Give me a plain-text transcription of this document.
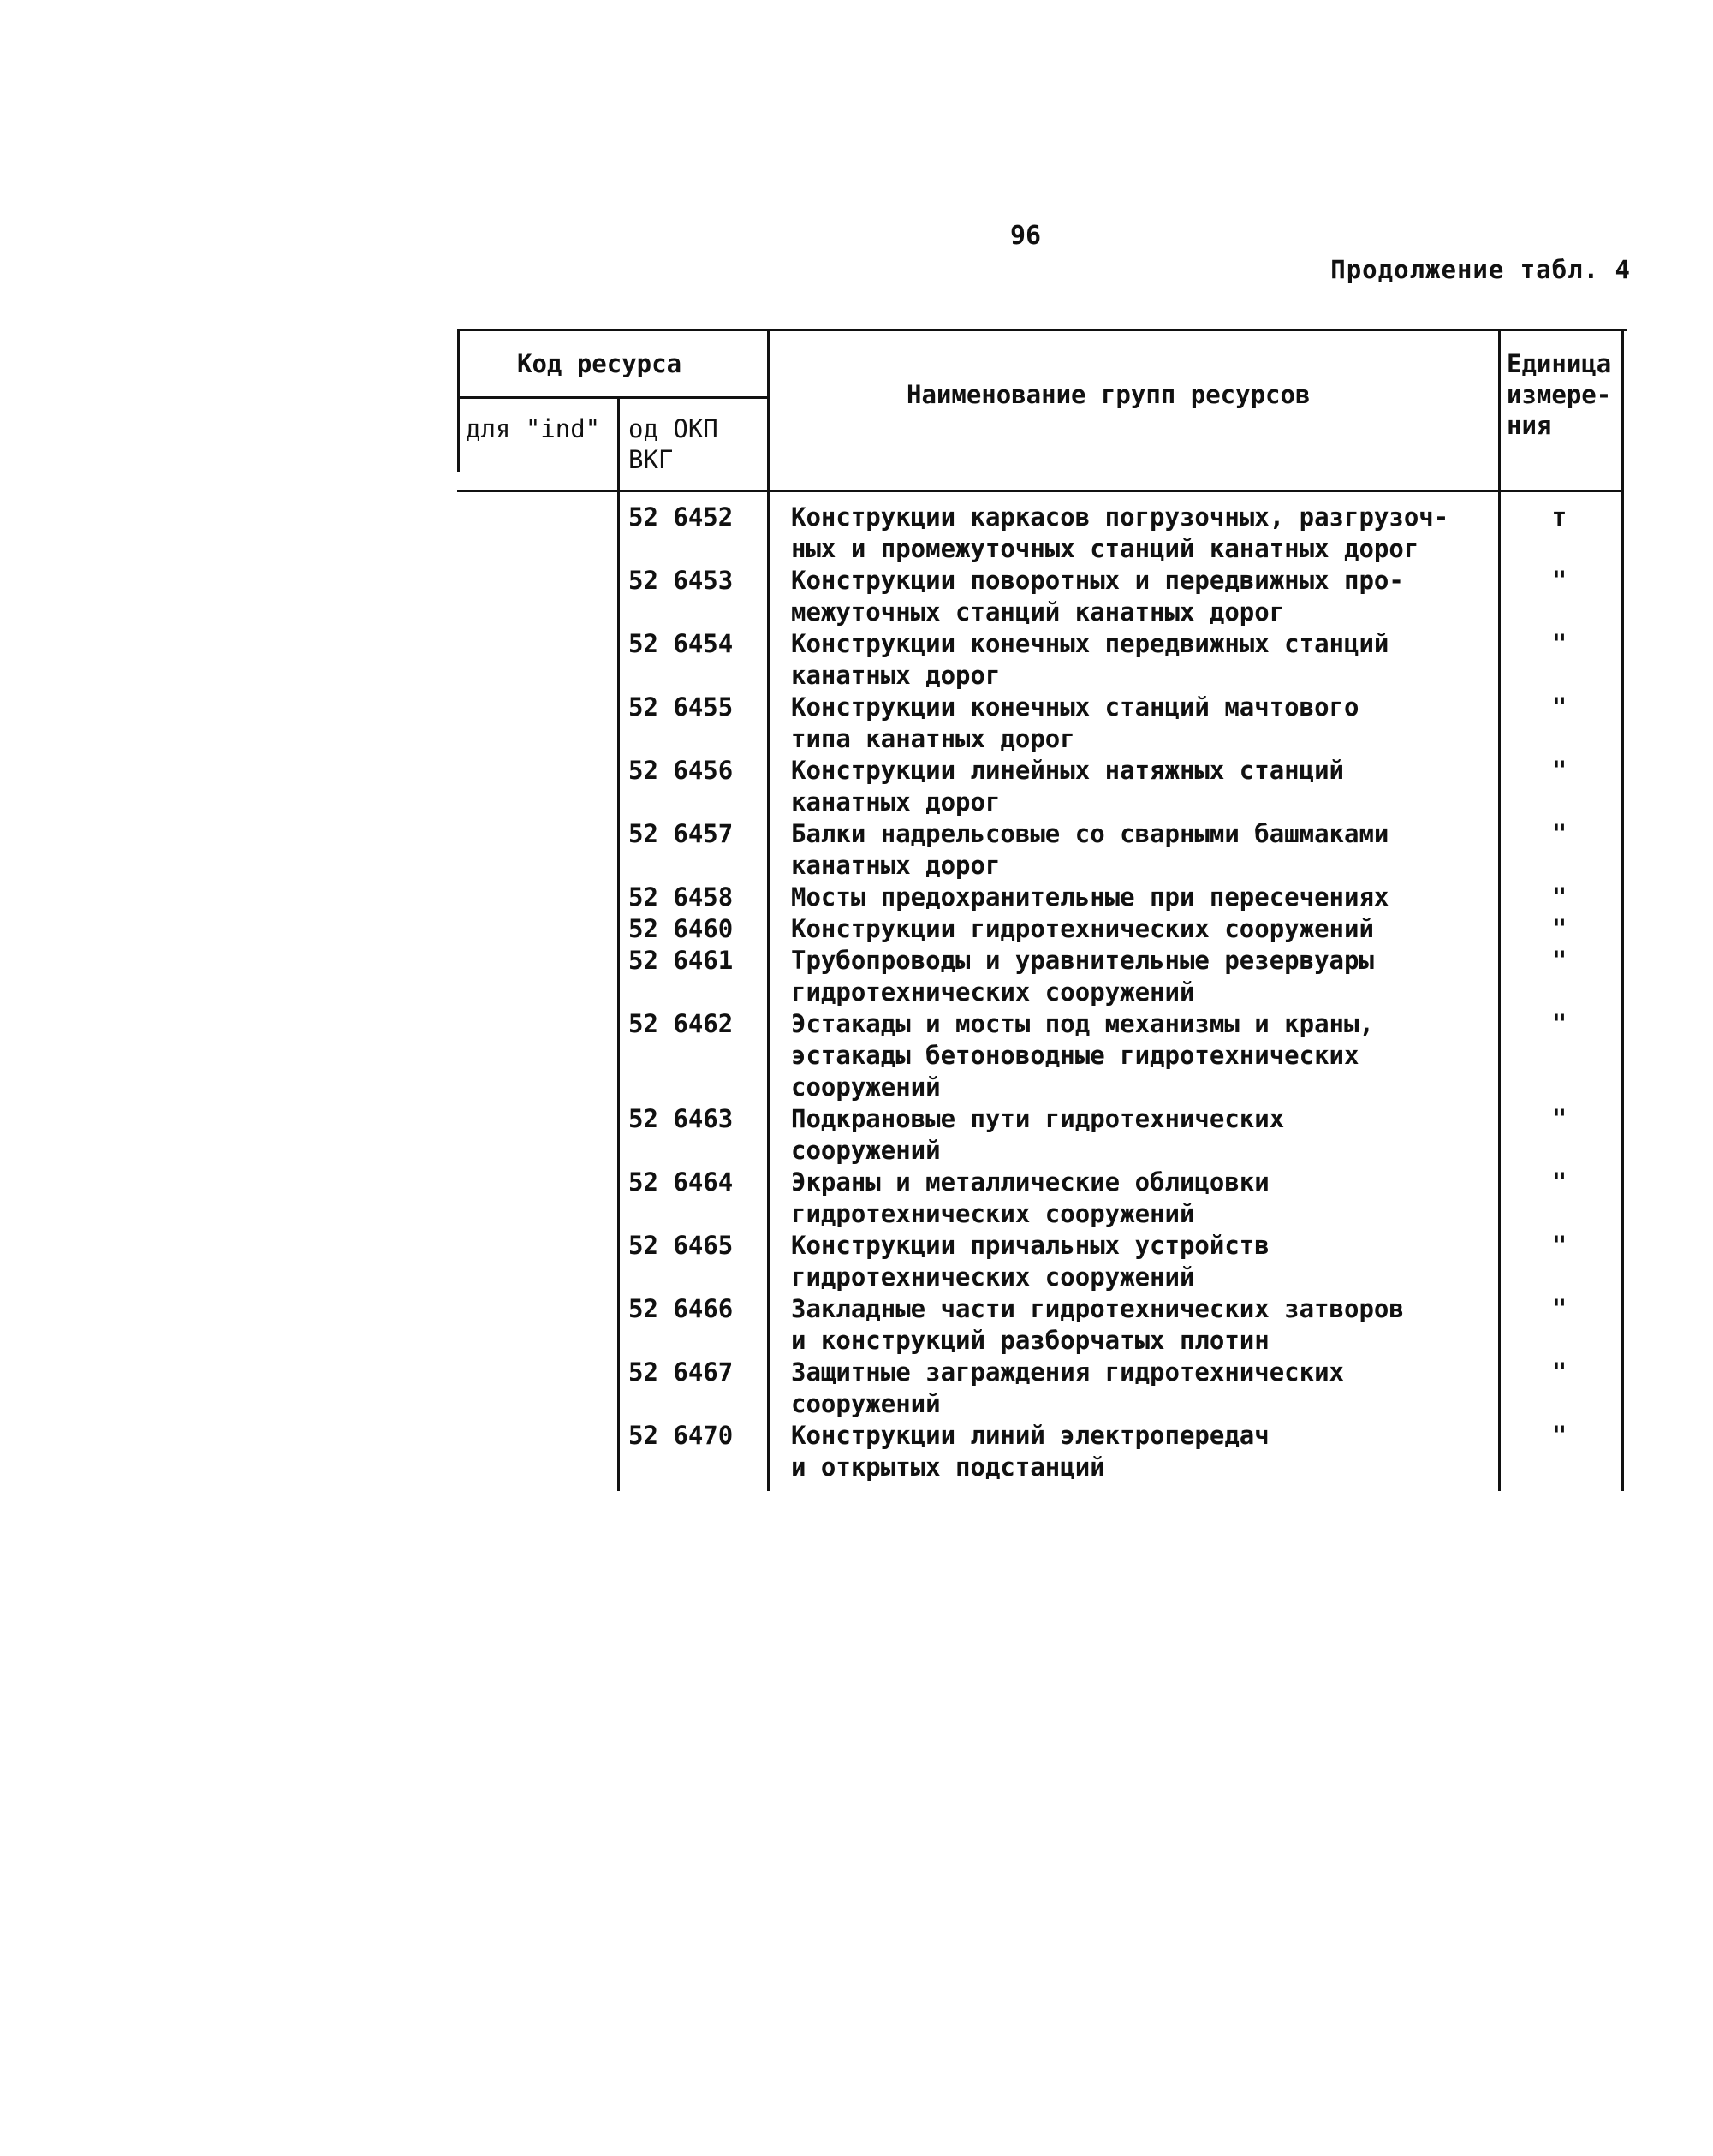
96
Продолжение табл. 4
Код ресурса
для "ind" од ОКП
ВКГ
Наименование групп ресурсов
Единица
измере-
ния
52 6452	Конструкции каркасов погрузочных, разгрузоч-
ных и промежуточных станций канатных дорог
т
52 6453	Конструкции поворотных и передвижных про-
межуточных станций канатных дорог
"
52 6454	Конструкции конечных передвижных станций
канатных дорог
"
52 6455	Конструкции конечных станций мачтового
типа канатных дорог
"
52 6456	Конструкции линейных натяжных станций
канатных дорог
"
52 6457	Балки надрельсовые со сварными башмаками
канатных дорог
"
52 6458	Мосты предохранительные при пересечениях	"
52 6460	Конструкции гидротехнических сооружений	"
52 6461	Трубопроводы и уравнительные резервуары
гидротехнических сооружений
"
52 6462	Эстакады и мосты под механизмы и краны,
эстакады бетоноводные гидротехнических
сооружений
"
52 6463	Подкрановые пути гидротехнических
сооружений
"
52 6464	Экраны и металлические облицовки
гидротехнических сооружений
"
52 6465	Конструкции причальных устройств
гидротехнических сооружений
"
52 6466	Закладные части гидротехнических затворов
и конструкций разборчатых плотин
"
52 6467	Защитные заграждения гидротехнических
сооружений
"
52 6470	Конструкции линий электропередач
и открытых подстанций
"
